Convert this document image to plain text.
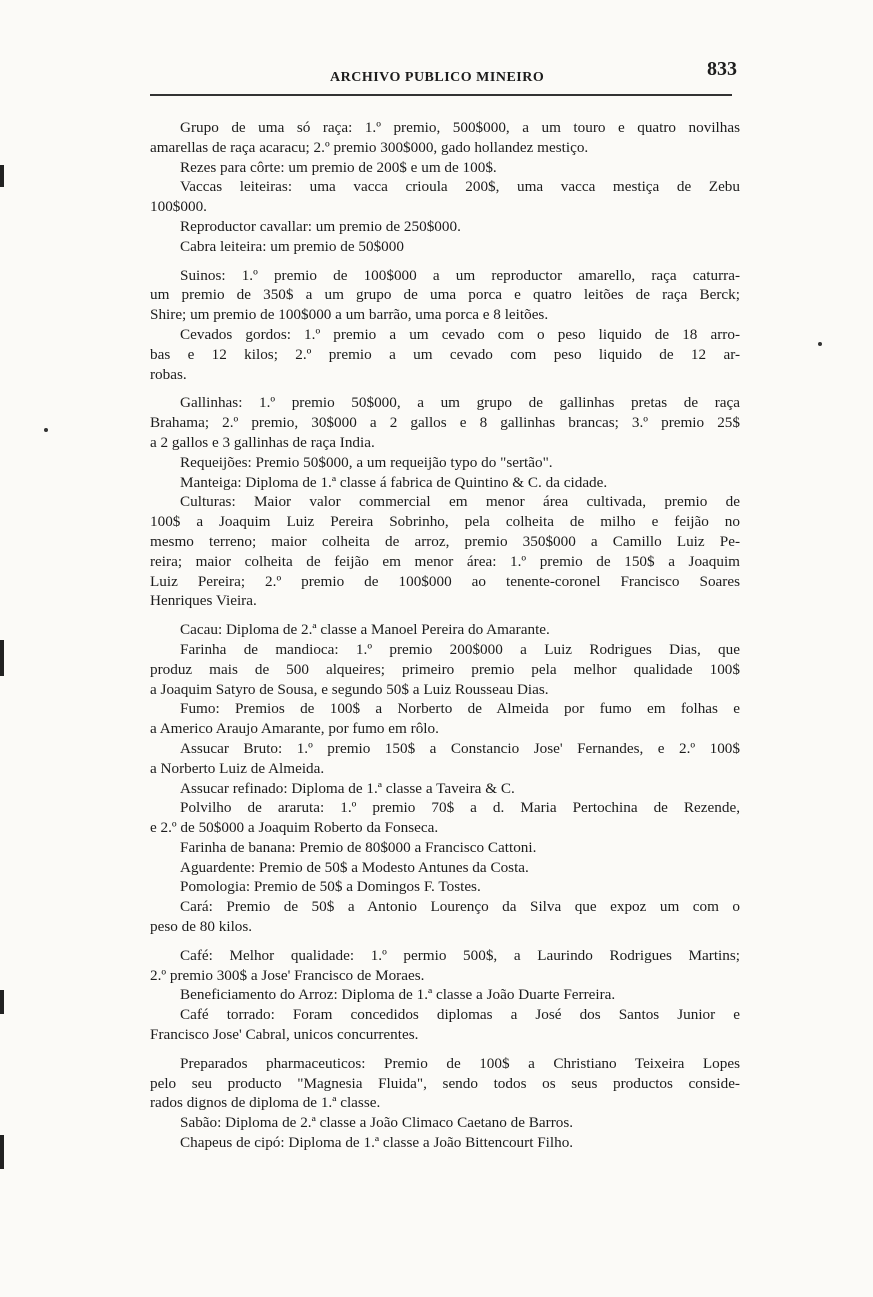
ARCHIVO PUBLICO MINEIRO	833
Grupo de uma só raça: 1.º premio, 500$000, a um touro e quatro novilhas
amarellas de raça acaracu; 2.º premio 300$000, gado hollandez mestiço.
Rezes para côrte: um premio de 200$ e um de 100$.
Vaccas leiteiras: uma vacca crioula 200$, uma vacca mestiça de Zebu
100$000.
Reproductor cavallar: um premio de 250$000.
Cabra leiteira: um premio de 50$000
Suinos: 1.º premio de 100$000 a um reproductor amarello, raça caturra-
um premio de 350$ a um grupo de uma porca e quatro leitões de raça Berck;
Shire; um premio de 100$000 a um barrão, uma porca e 8 leitões.
Cevados gordos: 1.º premio a um cevado com o peso liquido de 18 arro-
bas e 12 kilos; 2.º premio a um cevado com peso liquido de 12 ar-
robas.
Gallinhas: 1.º premio 50$000, a um grupo de gallinhas pretas de raça
Brahama; 2.º premio, 30$000 a 2 gallos e 8 gallinhas brancas; 3.º premio 25$
a 2 gallos e 3 gallinhas de raça India.
Requeijões: Premio 50$000, a um requeijão typo do "sertão".
Manteiga: Diploma de 1.ª classe á fabrica de Quintino & C. da cidade.
Culturas: Maior valor commercial em menor área cultivada, premio de
100$ a Joaquim Luiz Pereira Sobrinho, pela colheita de milho e feijão no
mesmo terreno; maior colheita de arroz, premio 350$000 a Camillo Luiz Pe-
reira; maior colheita de feijão em menor área: 1.º premio de 150$ a Joaquim
Luiz Pereira; 2.º premio de 100$000 ao tenente-coronel Francisco Soares
Henriques Vieira.
Cacau: Diploma de 2.ª classe a Manoel Pereira do Amarante.
Farinha de mandioca: 1.º premio 200$000 a Luiz Rodrigues Dias, que
produz mais de 500 alqueires; primeiro premio pela melhor qualidade 100$
a Joaquim Satyro de Sousa, e segundo 50$ a Luiz Rousseau Dias.
Fumo: Premios de 100$ a Norberto de Almeida por fumo em folhas e
a Americo Araujo Amarante, por fumo em rôlo.
Assucar Bruto: 1.º premio 150$ a Constancio Jose' Fernandes, e 2.º 100$
a Norberto Luiz de Almeida.
Assucar refinado: Diploma de 1.ª classe a Taveira & C.
Polvilho de araruta: 1.º premio 70$ a d. Maria Pertochina de Rezende,
e 2.º de 50$000 a Joaquim Roberto da Fonseca.
Farinha de banana: Premio de 80$000 a Francisco Cattoni.
Aguardente: Premio de 50$ a Modesto Antunes da Costa.
Pomologia: Premio de 50$ a Domingos F. Tostes.
Cará: Premio de 50$ a Antonio Lourenço da Silva que expoz um com o
peso de 80 kilos.
Café: Melhor qualidade: 1.º permio 500$, a Laurindo Rodrigues Martins;
2.º premio 300$ a Jose' Francisco de Moraes.
Beneficiamento do Arroz: Diploma de 1.ª classe a João Duarte Ferreira.
Café torrado: Foram concedidos diplomas a José dos Santos Junior e
Francisco Jose' Cabral, unicos concurrentes.
Preparados pharmaceuticos: Premio de 100$ a Christiano Teixeira Lopes
pelo seu producto "Magnesia Fluida", sendo todos os seus productos conside-
rados dignos de diploma de 1.ª classe.
Sabão: Diploma de 2.ª classe a João Climaco Caetano de Barros.
Chapeus de cipó: Diploma de 1.ª classe a João Bittencourt Filho.
